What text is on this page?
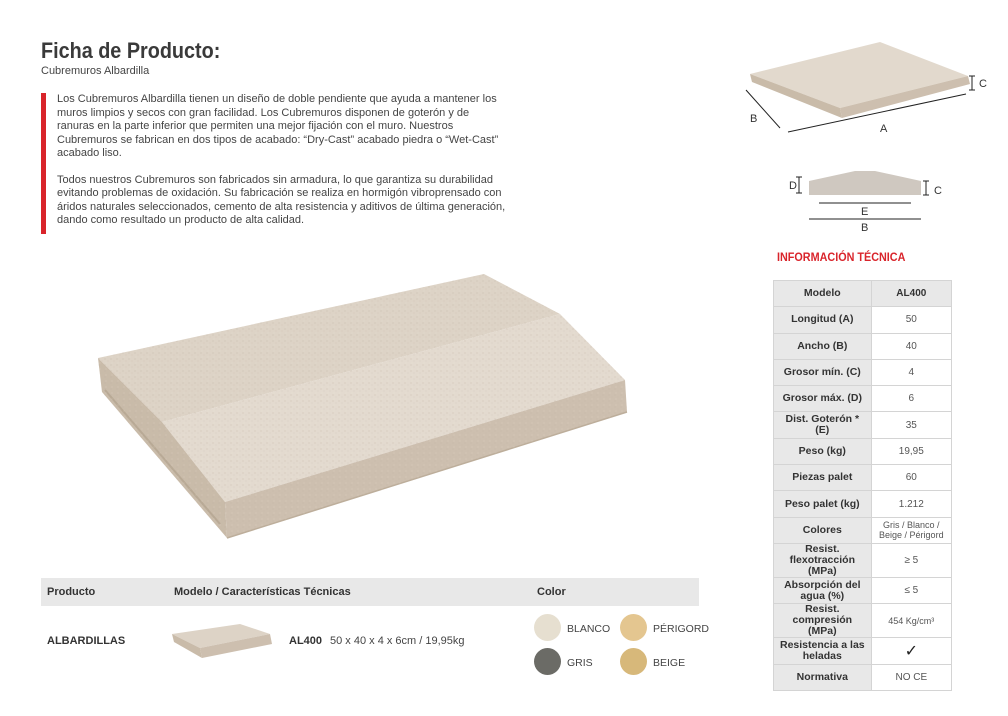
Ficha de Producto:
Cubremuros Albardilla

Los Cubremuros Albardilla tienen un diseño de doble pendiente que ayuda a mantener los muros limpios y secos con gran facilidad. Los Cubremuros disponen de goterón y de ranuras en la parte inferior que permiten una mejor fijación con el muro. Nuestros Cubremuros se fabrican en dos tipos de acabado: “Dry-Cast” acabado piedra o “Wet-Cast” acabado liso.

Todos nuestros Cubremuros son fabricados sin armadura, lo que garantiza su durabilidad evitando problemas de oxidación. Su fabricación se realiza en hormigón vibroprensado con áridos naturales seleccionados, cemento de alta resistencia y aditivos de última generación, dando como resultado un producto de alta calidad.

Producto	Modelo / Características Técnicas	Color
ALBARDILLAS	AL400 50 x 40 x 4 x 6cm / 19,95kg
BLANCO	PÉRIGORD
GRIS	BEIGE
B
A
C
D	C
E
B
INFORMACIÓN TÉCNICA
Modelo	AL400
Longitud (A)	50
Ancho (B)	40
Grosor mín. (C)	4
Grosor máx. (D)	6
Dist. Goterón * (E)	35
Peso (kg)	19,95
Piezas palet	60
Peso palet (kg)	1.212
Colores	Gris / Blanco / Beige / Périgord
Resist. flexotracción (MPa)	≥ 5
Absorpción del agua (%)	≤ 5
Resist. compresión (MPa)	454 Kg/cm³
Resistencia a las heladas	✓
Normativa	NO CE
